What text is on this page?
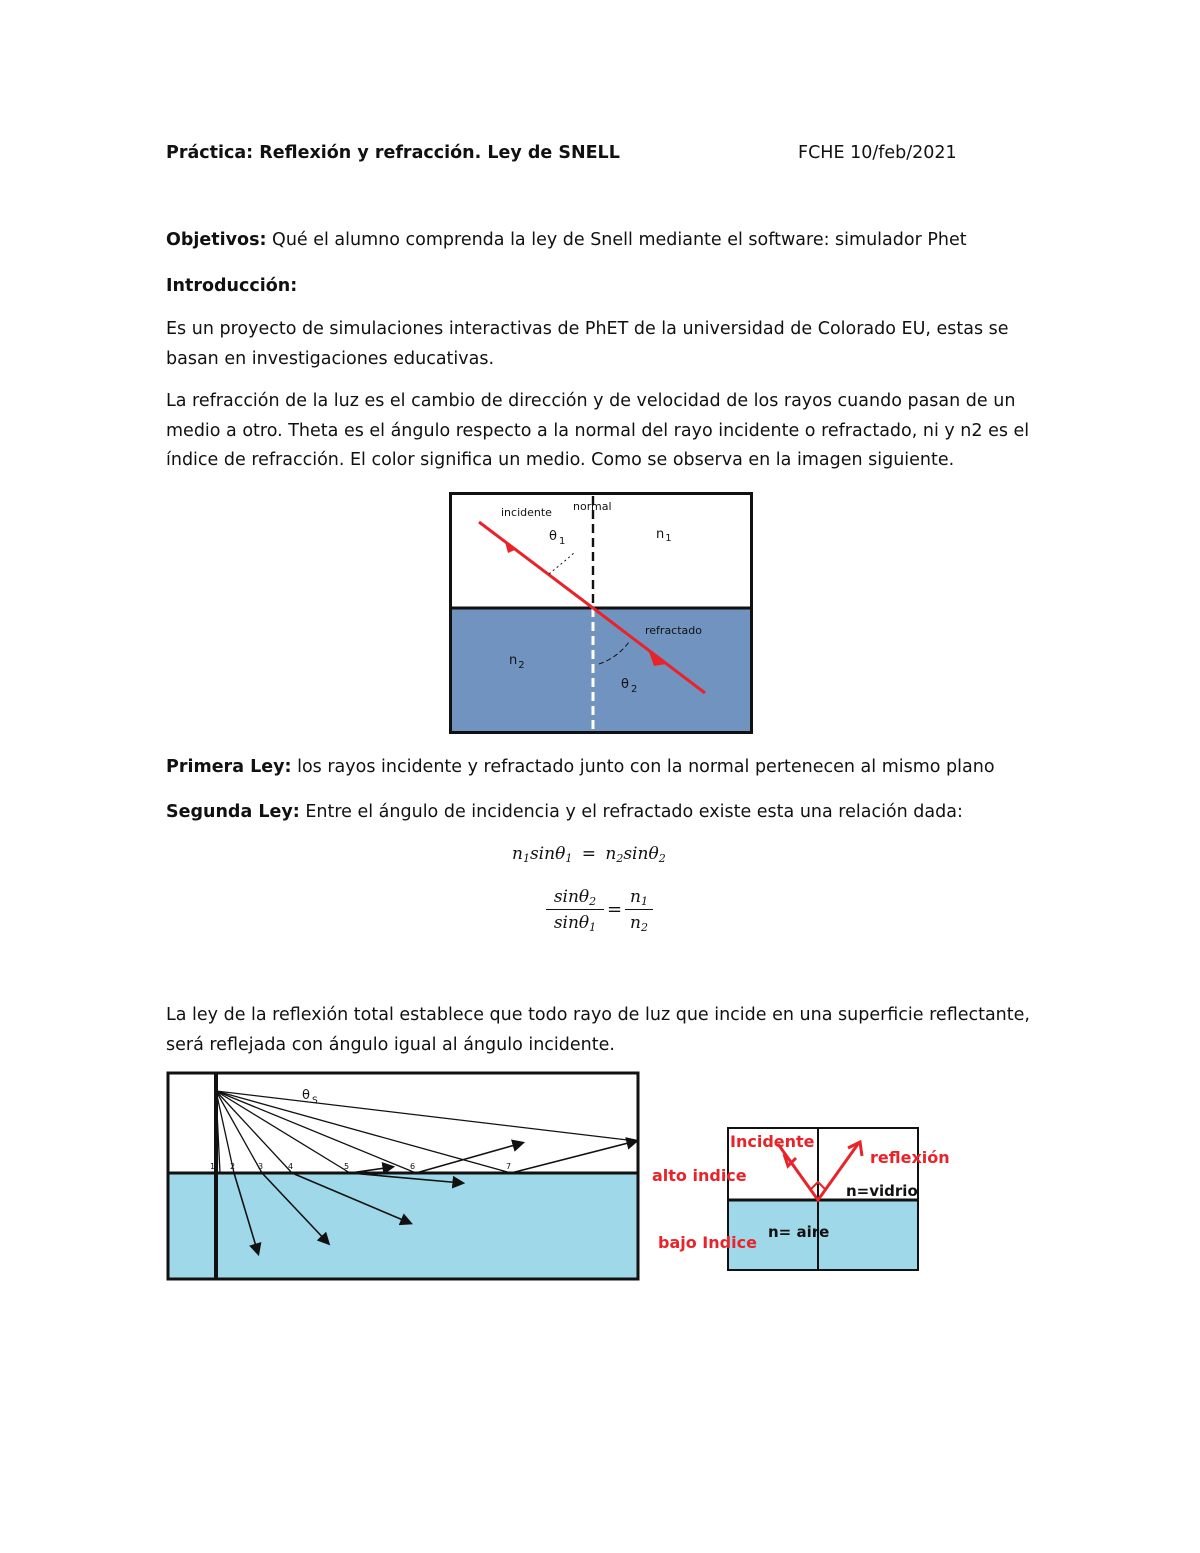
Práctica: Reflexión y refracción. Ley de SNELL	FCHE 10/feb/2021
Objetivos: Qué el alumno comprenda la ley de Snell mediante el software: simulador Phet
Introducción:
Es un proyecto de simulaciones interactivas de PhET de la universidad de Colorado EU, estas se
basan en investigaciones educativas.
La refracción de la luz es el cambio de dirección y de velocidad de los rayos cuando pasan de un
medio a otro. Theta es el ángulo respecto a la normal del rayo incidente o refractado, ni y n2 es el
índice de refracción. El color significa un medio. Como se observa en la imagen siguiente.
incidente normal
θ $_1$	$n_1$
refractado
$n_2$
θ $_2$
Primera Ley: los rayos incidente y refractado junto con la normal pertenecen al mismo plano
Segunda Ley: Entre el ángulo de incidencia y el refractado existe esta una relación dada:
$n_1\sin\theta_1 = n_2\sin\theta_2$
$\frac{\sin\theta_2}{\sin\theta_1} = \frac{n_1}{n_2}$
La ley de la reflexión total establece que todo rayo de luz que incide en una superficie reflectante,
será reflejada con ángulo igual al ángulo incidente.
1 2	3	4	5	6	7
θ $_S$
Incidente
alto indice
reflexión
n=vidrio
bajo Indice
n= aire
